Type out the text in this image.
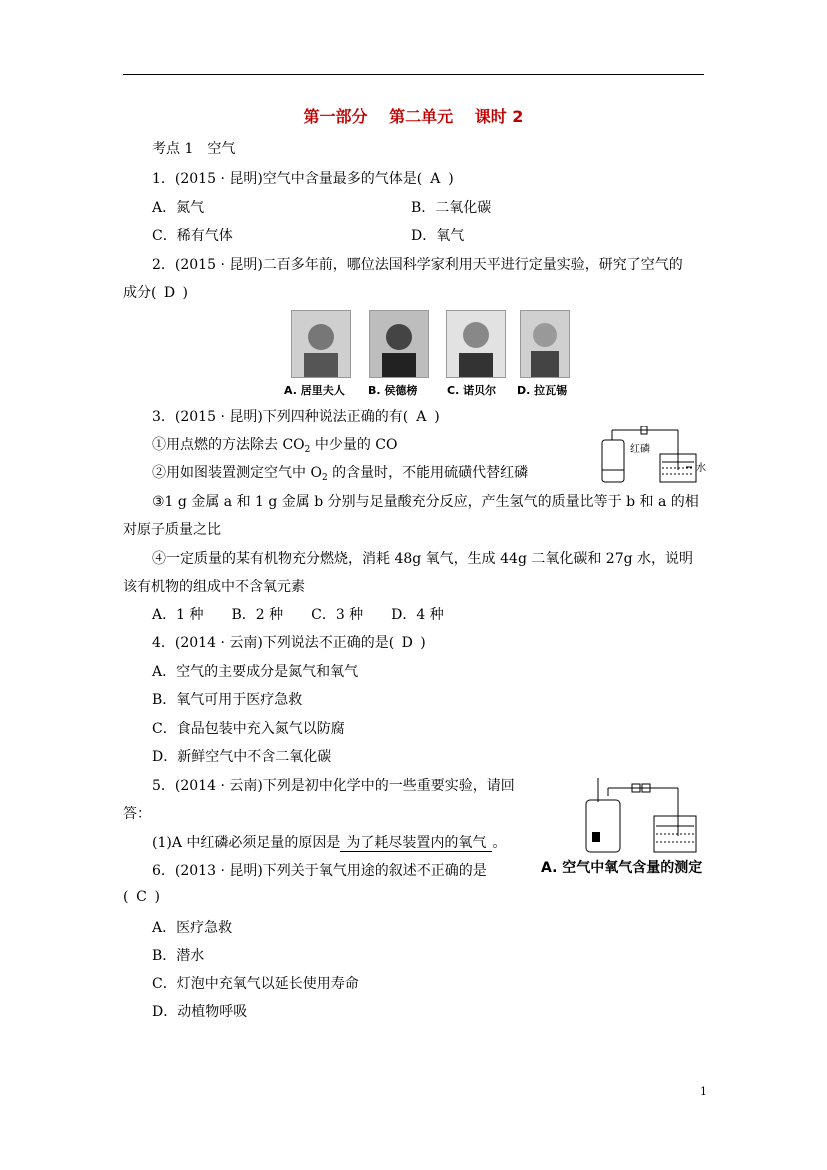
第一部分 第二单元 课时 2
考点 1　空气
1．(2015 · 昆明)空气中含量最多的气体是( A )
A．氮气	B．二氧化碳
C．稀有气体	D．氧气
2．(2015 · 昆明)二百多年前，哪位法国科学家利用天平进行定量实验，研究了空气的
成分( D )
A. 居里夫人 B. 侯德榜	C. 诺贝尔 D. 拉瓦锡
3．(2015 · 昆明)下列四种说法正确的有( A )
①用点燃的方法除去 $CO_2$ 中少量的 CO
②用如图装置测定空气中 $O_2$ 的含量时，不能用硫磺代替红磷
红磷
水
③1 g 金属 a 和 1 g 金属 b 分别与足量酸充分反应，产生氢气的质量比等于 b 和 a 的相
对原子质量之比
④一定质量的某有机物充分燃烧，消耗 48g 氧气，生成 44g 二氧化碳和 27g 水，说明
该有机物的组成中不含氧元素
A．1 种　　B．2 种　　C．3 种　　D．4 种
4．(2014 · 云南)下列说法不正确的是( D )
A．空气的主要成分是氮气和氧气
B．氧气可用于医疗急救
C．食品包装中充入氮气以防腐
D．新鲜空气中不含二氧化碳
5．(2014 · 云南)下列是初中化学中的一些重要实验，请回
答：
(1)A 中红磷必须足量的原因是 为了耗尽装置内的氧气 。
A. 空气中氧气含量的测定
6．(2013 · 昆明)下列关于氧气用途的叙述不正确的是
( C )
A．医疗急救
B．潜水
C．灯泡中充氧气以延长使用寿命
D．动植物呼吸
1
